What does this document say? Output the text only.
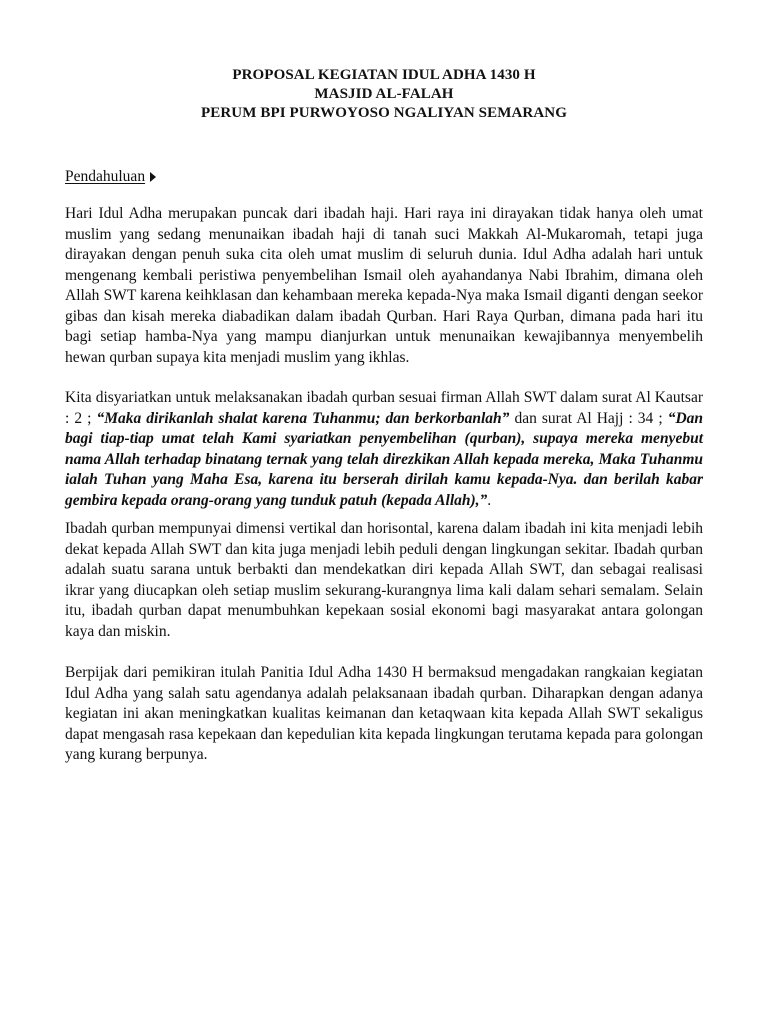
PROPOSAL KEGIATAN IDUL ADHA 1430 H
MASJID AL-FALAH
PERUM BPI PURWOYOSO NGALIYAN SEMARANG
Pendahuluan

Hari Idul Adha merupakan puncak dari ibadah haji. Hari raya ini dirayakan tidak hanya oleh umat muslim yang sedang menunaikan ibadah haji di tanah suci Makkah Al-Mukaromah, tetapi juga dirayakan dengan penuh suka cita oleh umat muslim di seluruh dunia. Idul Adha adalah hari untuk mengenang kembali peristiwa penyembelihan Ismail oleh ayahandanya Nabi Ibrahim, dimana oleh Allah SWT karena keihklasan dan kehambaan mereka kepada-Nya maka Ismail diganti dengan seekor gibas dan kisah mereka diabadikan dalam ibadah Qurban. Hari Raya Qurban, dimana pada hari itu bagi setiap hamba-Nya yang mampu dianjurkan untuk menunaikan kewajibannya menyembelih hewan qurban supaya kita menjadi muslim yang ikhlas.

Kita disyariatkan untuk melaksanakan ibadah qurban sesuai firman Allah SWT dalam surat Al Kautsar : 2 ; “Maka dirikanlah shalat karena Tuhanmu; dan berkorbanlah” dan surat Al Hajj : 34 ; “Dan bagi tiap-tiap umat telah Kami syariatkan penyembelihan (qurban), supaya mereka menyebut nama Allah terhadap binatang ternak yang telah direzkikan Allah kepada mereka, Maka Tuhanmu ialah Tuhan yang Maha Esa, karena itu berserah dirilah kamu kepada-Nya. dan berilah kabar gembira kepada orang-orang yang tunduk patuh (kepada Allah),”.

Ibadah qurban mempunyai dimensi vertikal dan horisontal, karena dalam ibadah ini kita menjadi lebih dekat kepada Allah SWT dan kita juga menjadi lebih peduli dengan lingkungan sekitar. Ibadah qurban adalah suatu sarana untuk berbakti dan mendekatkan diri kepada Allah SWT, dan sebagai realisasi ikrar yang diucapkan oleh setiap muslim sekurang-kurangnya lima kali dalam sehari semalam. Selain itu, ibadah qurban dapat menumbuhkan kepekaan sosial ekonomi bagi masyarakat antara golongan kaya dan miskin.

Berpijak dari pemikiran itulah Panitia Idul Adha 1430 H bermaksud mengadakan rangkaian kegiatan Idul Adha yang salah satu agendanya adalah pelaksanaan ibadah qurban. Diharapkan dengan adanya kegiatan ini akan meningkatkan kualitas keimanan dan ketaqwaan kita kepada Allah SWT sekaligus dapat mengasah rasa kepekaan dan kepedulian kita kepada lingkungan terutama kepada para golongan yang kurang berpunya.
